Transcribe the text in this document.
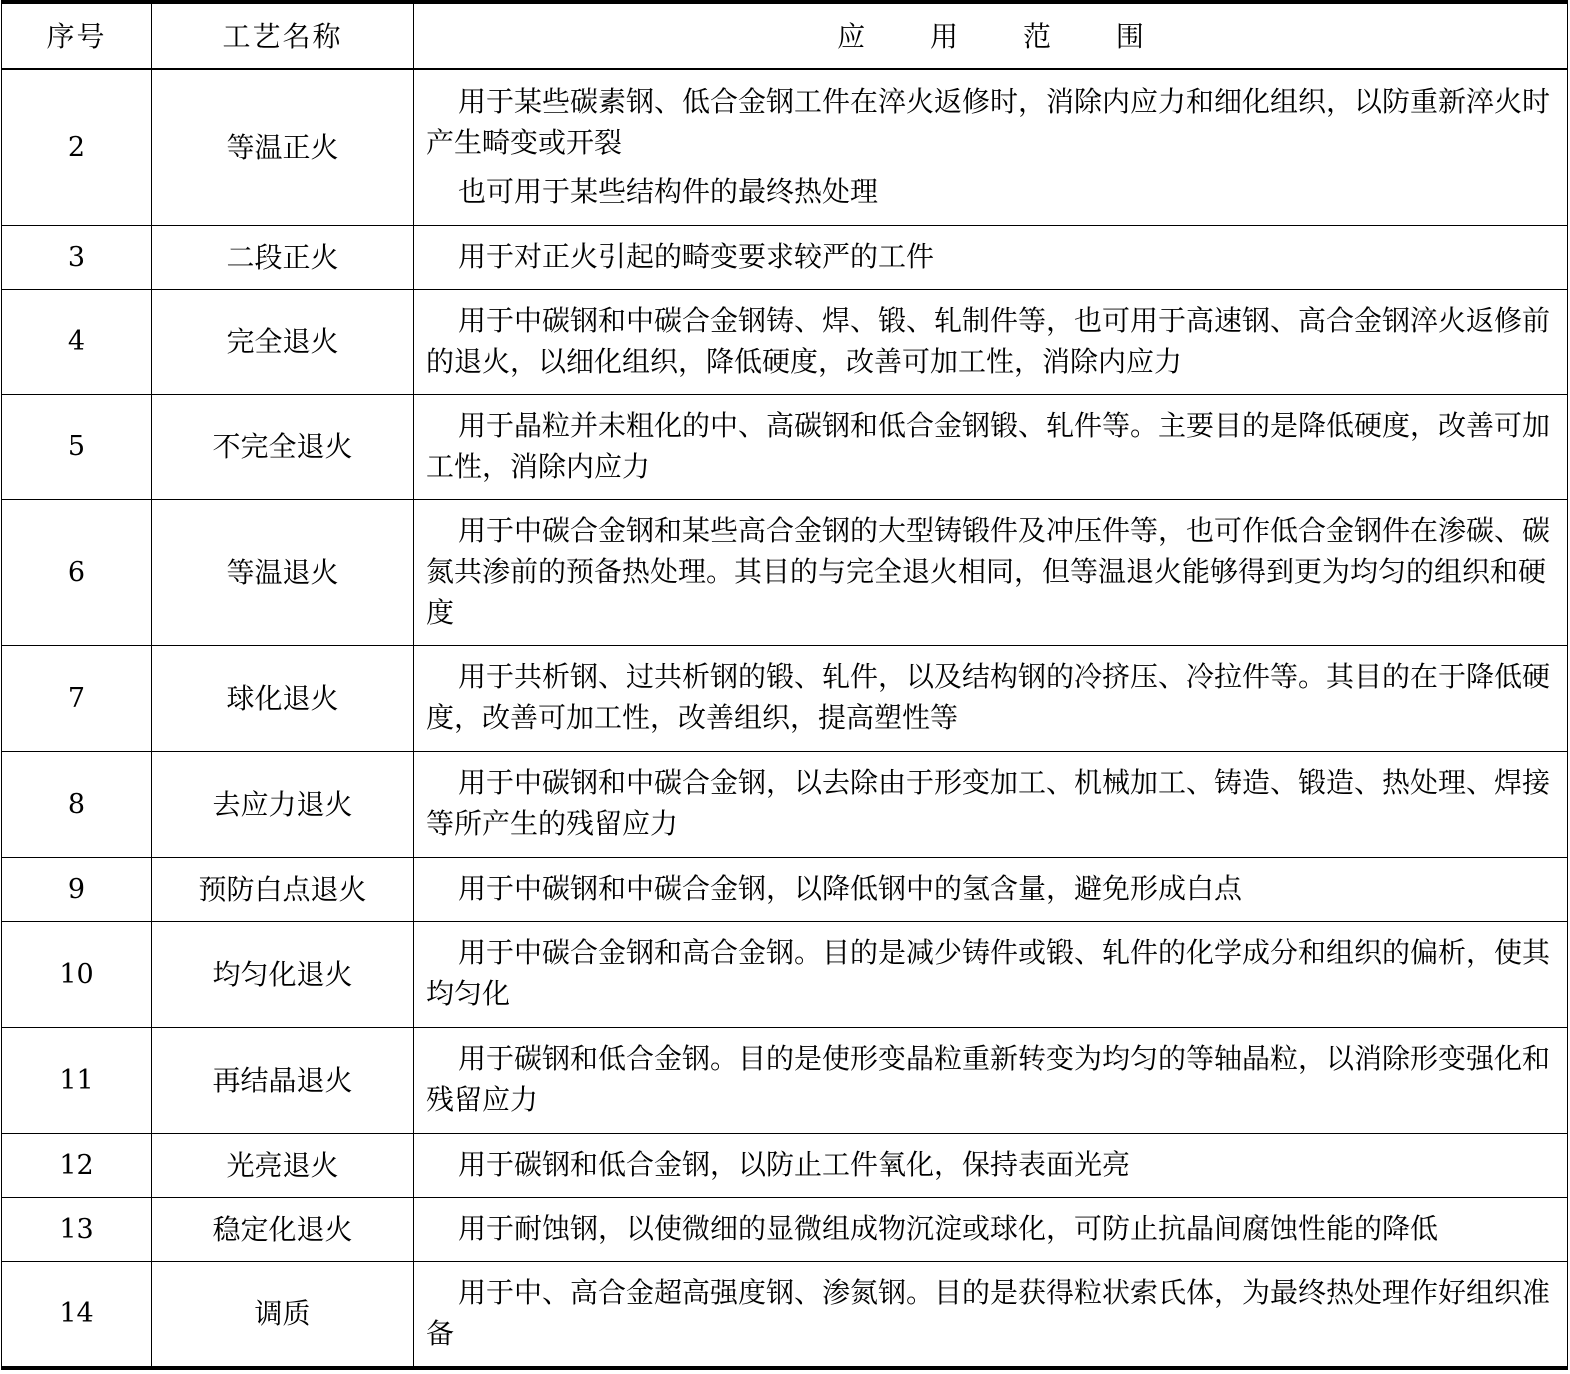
序号	工艺名称	应 用 范 围
2	等温正火	用于某些碳素钢、低合金钢工件在淬火返修时，消除内应力和细化组织，以防重新淬火时产生畸变或开裂

也可用于某些结构件的最终热处理

3	二段正火	用于对正火引起的畸变要求较严的工件

4	完全退火	用于中碳钢和中碳合金钢铸、焊、锻、轧制件等，也可用于高速钢、高合金钢淬火返修前的退火，以细化组织，降低硬度，改善可加工性，消除内应力

5	不完全退火	用于晶粒并未粗化的中、高碳钢和低合金钢锻、轧件等。主要目的是降低硬度，改善可加工性，消除内应力

6	等温退火	用于中碳合金钢和某些高合金钢的大型铸锻件及冲压件等，也可作低合金钢件在渗碳、碳氮共渗前的预备热处理。其目的与完全退火相同，但等温退火能够得到更为均匀的组织和硬度

7	球化退火	用于共析钢、过共析钢的锻、轧件，以及结构钢的冷挤压、冷拉件等。其目的在于降低硬度，改善可加工性，改善组织，提高塑性等

8	去应力退火	用于中碳钢和中碳合金钢，以去除由于形变加工、机械加工、铸造、锻造、热处理、焊接等所产生的残留应力

9	预防白点退火	用于中碳钢和中碳合金钢，以降低钢中的氢含量，避免形成白点

10	均匀化退火	用于中碳合金钢和高合金钢。目的是减少铸件或锻、轧件的化学成分和组织的偏析，使其均匀化

11	再结晶退火	用于碳钢和低合金钢。目的是使形变晶粒重新转变为均匀的等轴晶粒，以消除形变强化和残留应力

12	光亮退火	用于碳钢和低合金钢，以防止工件氧化，保持表面光亮

13	稳定化退火	用于耐蚀钢，以使微细的显微组成物沉淀或球化，可防止抗晶间腐蚀性能的降低

14	调质	用于中、高合金超高强度钢、渗氮钢。目的是获得粒状索氏体，为最终热处理作好组织准备
